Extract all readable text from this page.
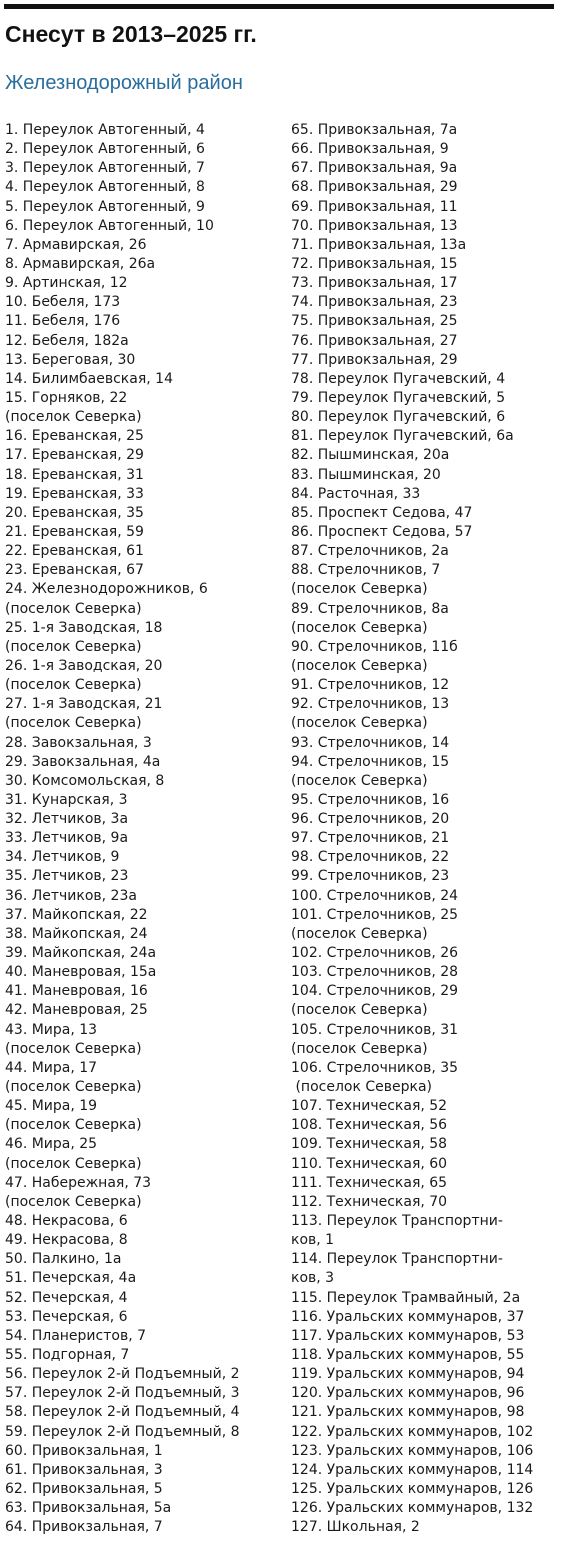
Снесут в 2013–2025 гг.
Железнодорожный район
1. Переулок Автогенный, 4
2. Переулок Автогенный, 6
3. Переулок Автогенный, 7
4. Переулок Автогенный, 8
5. Переулок Автогенный, 9
6. Переулок Автогенный, 10
7. Армавирская, 26
8. Армавирская, 26а
9. Артинская, 12
10. Бебеля, 173
11. Бебеля, 176
12. Бебеля, 182а
13. Береговая, 30
14. Билимбаевская, 14
15. Горняков, 22
(поселок Северка)
16. Ереванская, 25
17. Ереванская, 29
18. Ереванская, 31
19. Ереванская, 33
20. Ереванская, 35
21. Ереванская, 59
22. Ереванская, 61
23. Ереванская, 67
24. Железнодорожников, 6
(поселок Северка)
25. 1-я Заводская, 18
(поселок Северка)
26. 1-я Заводская, 20
(поселок Северка)
27. 1-я Заводская, 21
(поселок Северка)
28. Завокзальная, 3
29. Завокзальная, 4а
30. Комсомольская, 8
31. Кунарская, 3
32. Летчиков, 3а
33. Летчиков, 9а
34. Летчиков, 9
35. Летчиков, 23
36. Летчиков, 23а
37. Майкопская, 22
38. Майкопская, 24
39. Майкопская, 24а
40. Маневровая, 15а
41. Маневровая, 16
42. Маневровая, 25
43. Мира, 13
(поселок Северка)
44. Мира, 17
(поселок Северка)
45. Мира, 19
(поселок Северка)
46. Мира, 25
(поселок Северка)
47. Набережная, 73
(поселок Северка)
48. Некрасова, 6
49. Некрасова, 8
50. Палкино, 1а
51. Печерская, 4а
52. Печерская, 4
53. Печерская, 6
54. Планеристов, 7
55. Подгорная, 7
56. Переулок 2-й Подъемный, 2
57. Переулок 2-й Подъемный, 3
58. Переулок 2-й Подъемный, 4
59. Переулок 2-й Подъемный, 8
60. Привокзальная, 1
61. Привокзальная, 3
62. Привокзальная, 5
63. Привокзальная, 5а
64. Привокзальная, 7
65. Привокзальная, 7а
66. Привокзальная, 9
67. Привокзальная, 9а
68. Привокзальная, 29
69. Привокзальная, 11
70. Привокзальная, 13
71. Привокзальная, 13а
72. Привокзальная, 15
73. Привокзальная, 17
74. Привокзальная, 23
75. Привокзальная, 25
76. Привокзальная, 27
77. Привокзальная, 29
78. Переулок Пугачевский, 4
79. Переулок Пугачевский, 5
80. Переулок Пугачевский, 6
81. Переулок Пугачевский, 6а
82. Пышминская, 20а
83. Пышминская, 20
84. Расточная, 33
85. Проспект Седова, 47
86. Проспект Седова, 57
87. Стрелочников, 2а
88. Стрелочников, 7
(поселок Северка)
89. Стрелочников, 8а
(поселок Северка)
90. Стрелочников, 11б
(поселок Северка)
91. Стрелочников, 12
92. Стрелочников, 13
(поселок Северка)
93. Стрелочников, 14
94. Стрелочников, 15
(поселок Северка)
95. Стрелочников, 16
96. Стрелочников, 20
97. Стрелочников, 21
98. Стрелочников, 22
99. Стрелочников, 23
100. Стрелочников, 24
101. Стрелочников, 25
(поселок Северка)
102. Стрелочников, 26
103. Стрелочников, 28
104. Стрелочников, 29
(поселок Северка)
105. Стрелочников, 31
(поселок Северка)
106. Стрелочников, 35
(поселок Северка)
107. Техническая, 52
108. Техническая, 56
109. Техническая, 58
110. Техническая, 60
111. Техническая, 65
112. Техническая, 70
113. Переулок Транспортни-
ков, 1
114. Переулок Транспортни-
ков, 3
115. Переулок Трамвайный, 2а
116. Уральских коммунаров, 37
117. Уральских коммунаров, 53
118. Уральских коммунаров, 55
119. Уральских коммунаров, 94
120. Уральских коммунаров, 96
121. Уральских коммунаров, 98
122. Уральских коммунаров, 102
123. Уральских коммунаров, 106
124. Уральских коммунаров, 114
125. Уральских коммунаров, 126
126. Уральских коммунаров, 132
127. Школьная, 2
